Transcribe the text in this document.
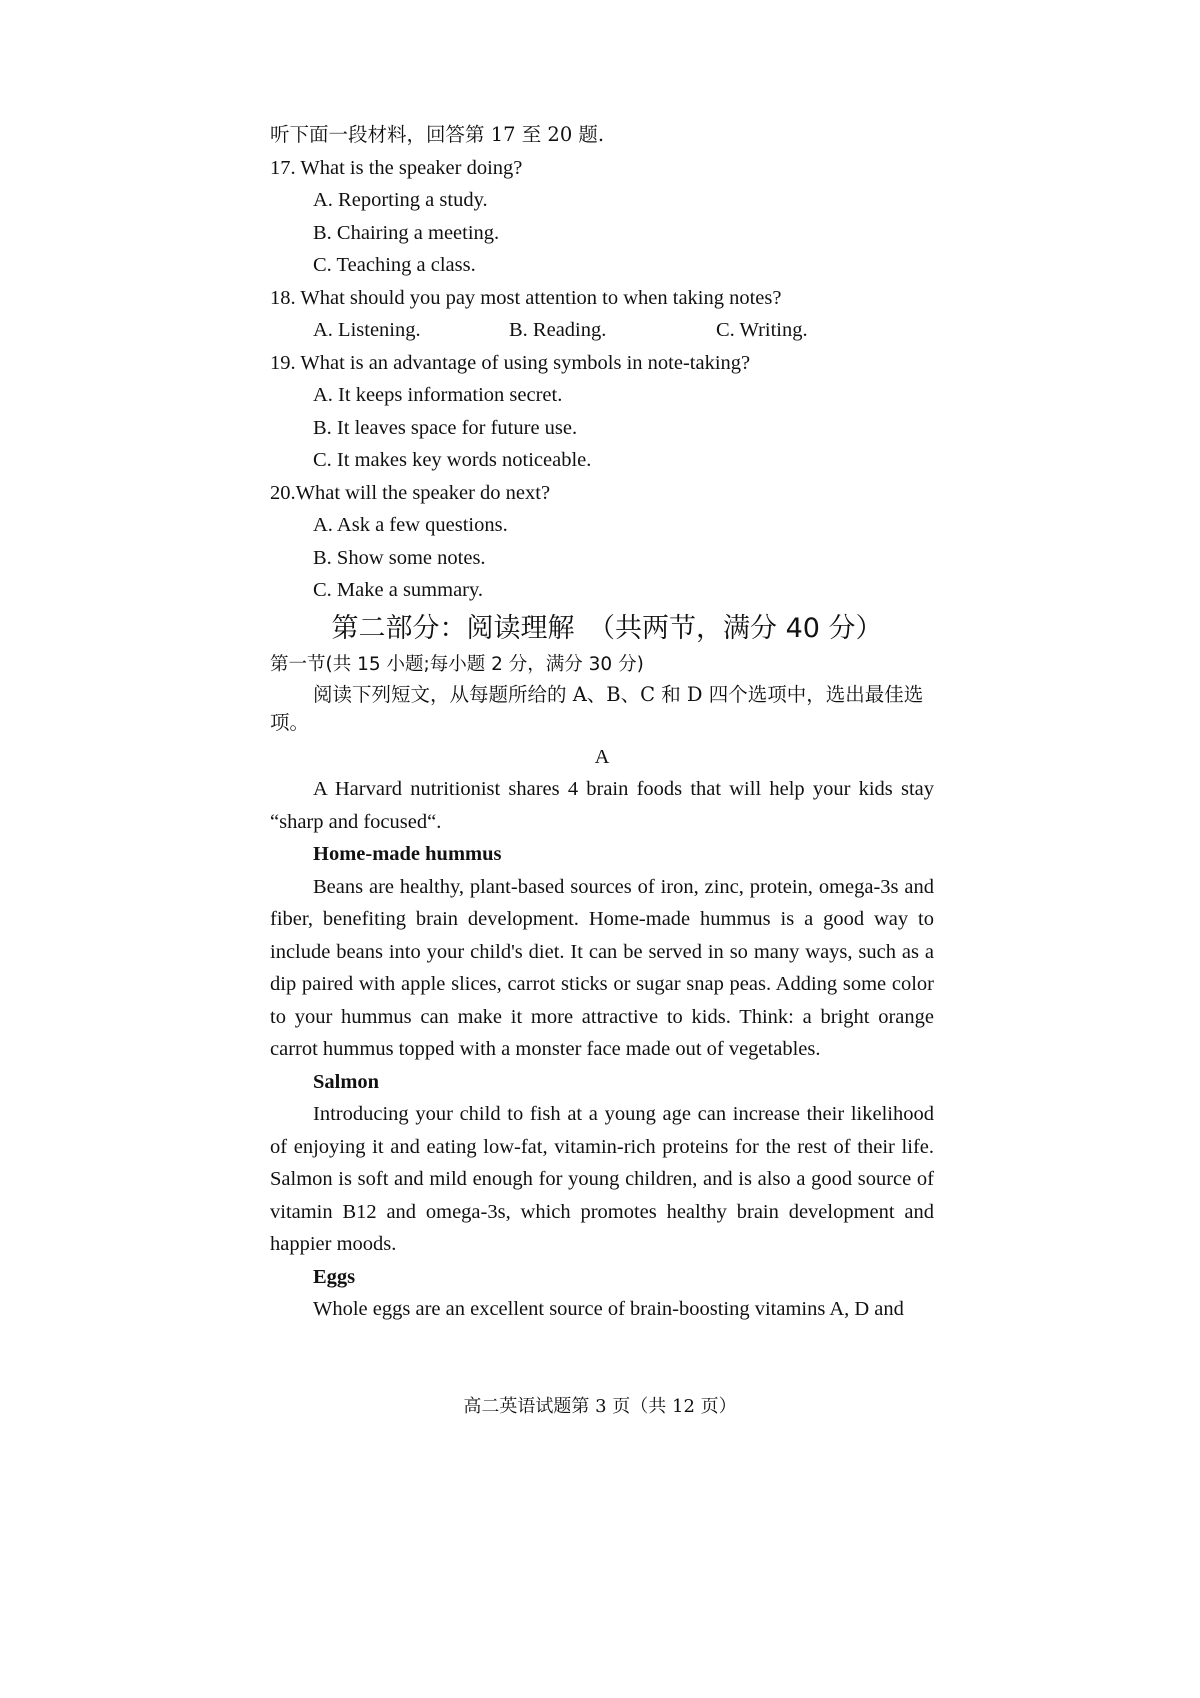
听下面一段材料，回答第 17 至 20 题.
17. What is the speaker doing?
A. Reporting a study.
B. Chairing a meeting.
C. Teaching a class.
18. What should you pay most attention to when taking notes?
A. Listening.	B. Reading.	C. Writing.
19. What is an advantage of using symbols in note-taking?
A. It keeps information secret.
B. It leaves space for future use.
C. It makes key words noticeable.
20.What will the speaker do next?
A. Ask a few questions.
B. Show some notes.
C. Make a summary.
第二部分：阅读理解　（共两节，满分 40 分）
第一节(共 15 小题;每小题 2 分，满分 30 分)

阅读下列短文，从每题所给的 A、B、C 和 D 四个选项中，选出最佳选项。

A

A Harvard nutritionist shares 4 brain foods that will help your kids stay “sharp and focused“.

Home-made hummus

Beans are healthy, plant-based sources of iron, zinc, protein, omega-3s and fiber, benefiting brain development. Home-made hummus is a good way to include beans into your child's diet. It can be served in so many ways, such as a dip paired with apple slices, carrot sticks or sugar snap peas. Adding some color to your hummus can make it more attractive to kids. Think: a bright orange carrot hummus topped with a monster face made out of vegetables.

Salmon

Introducing your child to fish at a young age can increase their likelihood of enjoying it and eating low-fat, vitamin-rich proteins for the rest of their life. Salmon is soft and mild enough for young children, and is also a good source of vitamin B12 and omega-3s, which promotes healthy brain development and happier moods.

Eggs

Whole eggs are an excellent source of brain-boosting vitamins A, D and

高二英语试题第 3 页（共 12 页）
